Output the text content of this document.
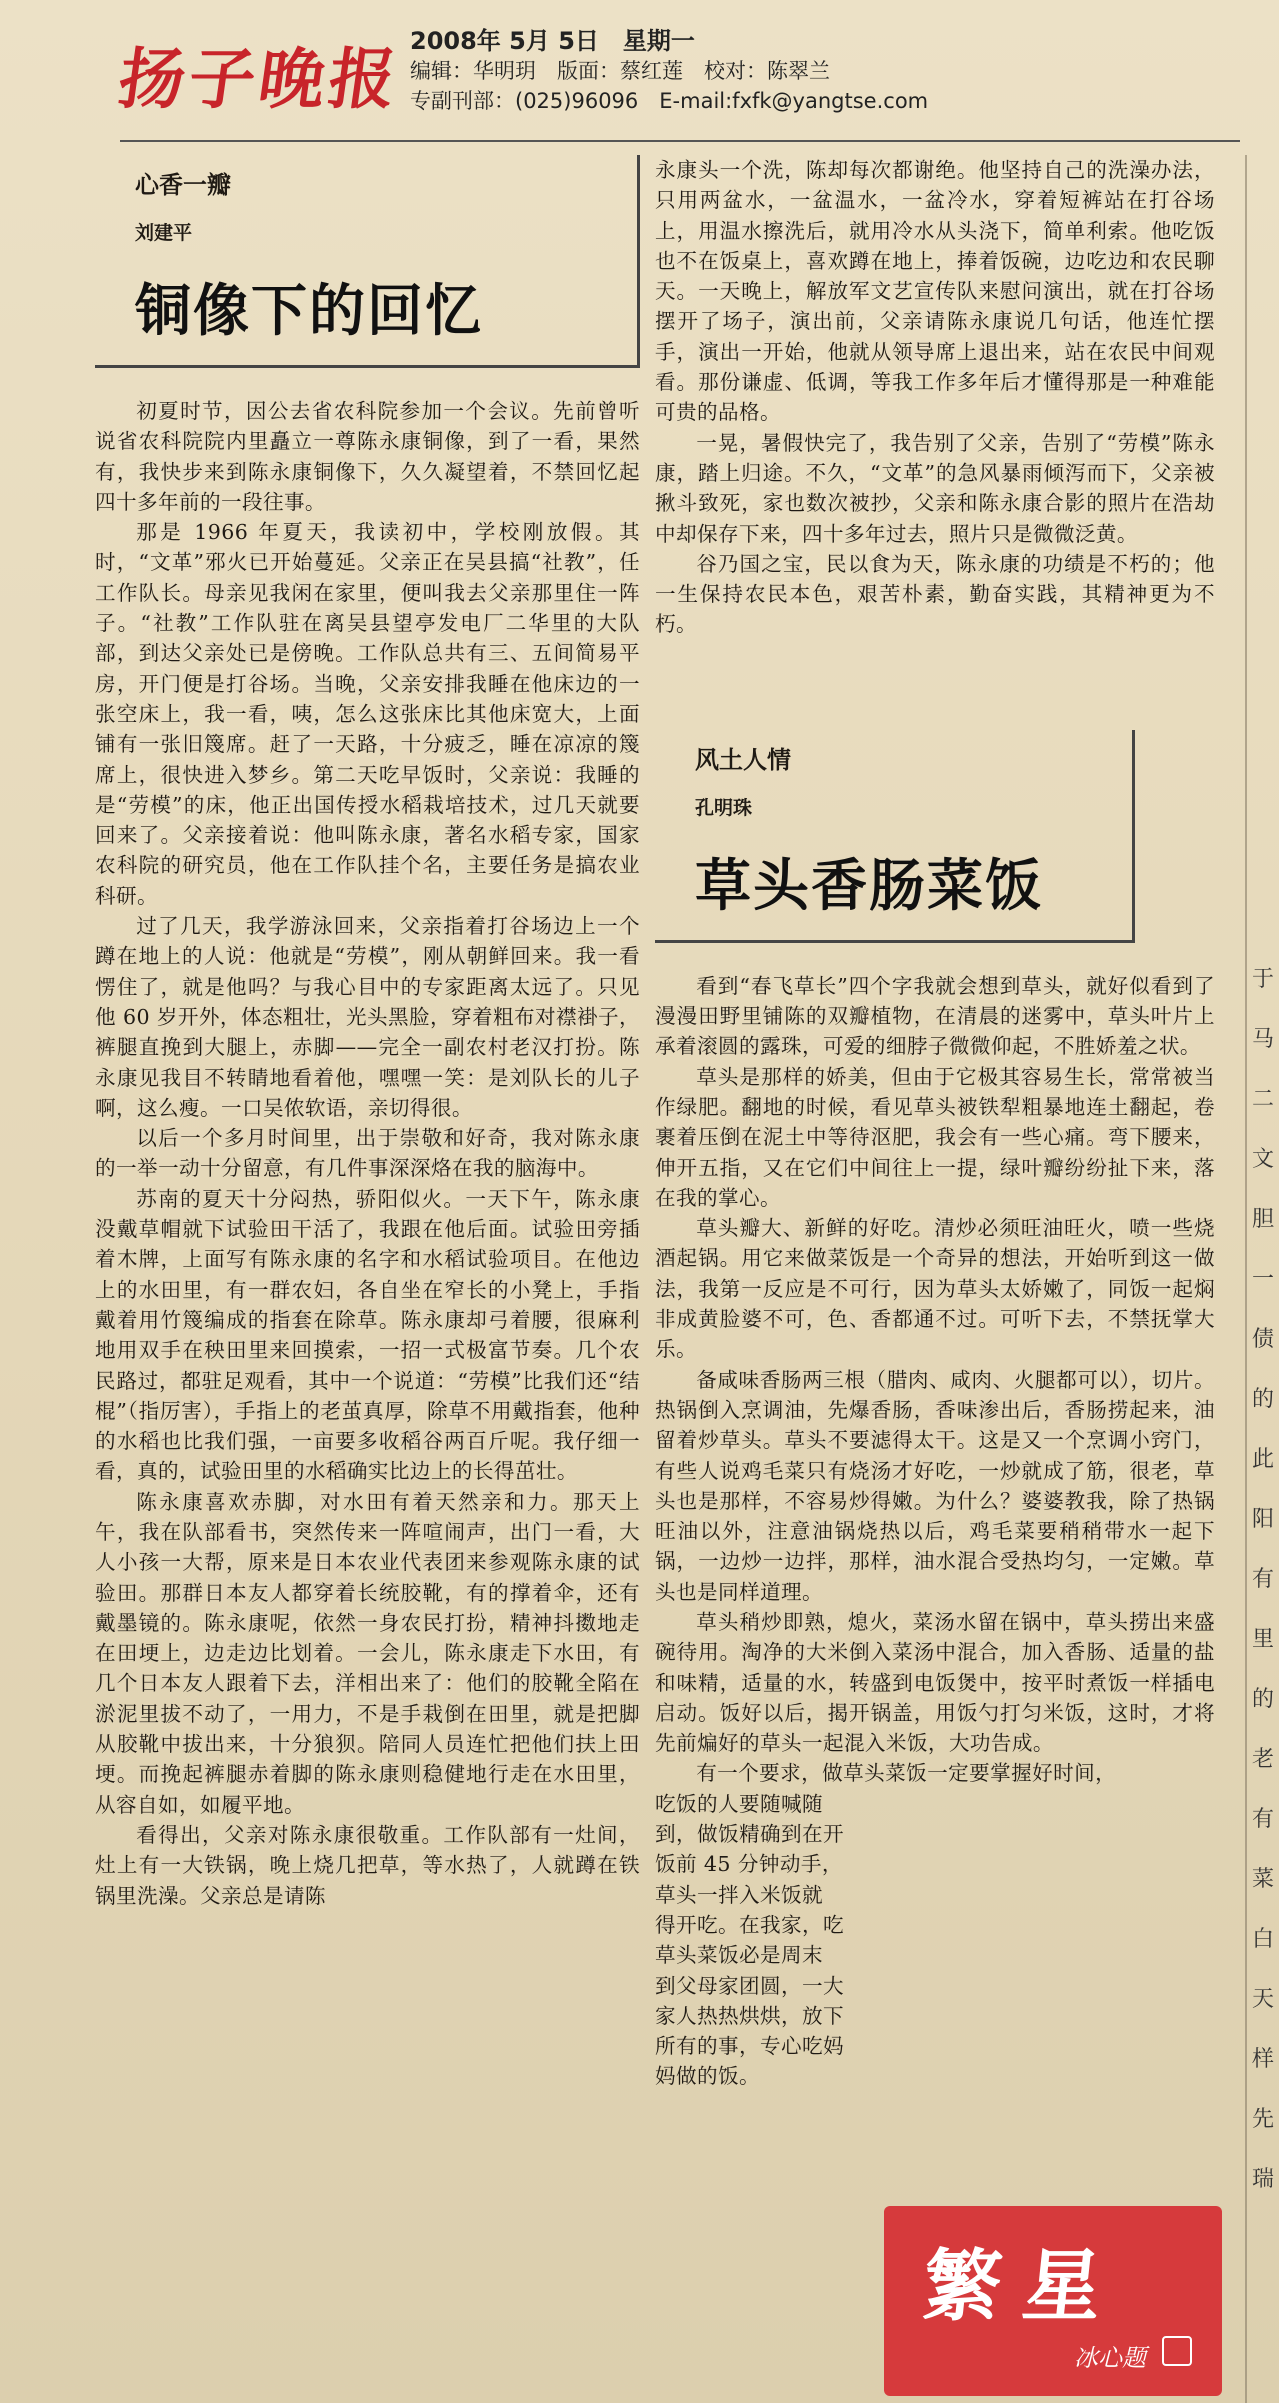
扬子晚报 2008年 5月 5日　星期一
编辑：华明玥　版面：蔡红莲　校对：陈翠兰
专副刊部：(025)96096　E-mail:fxfk@yangtse.com
心香一瓣
刘建平
铜像下的回忆

初夏时节，因公去省农科院参加一个会议。先前曾听说省农科院院内里矗立一尊陈永康铜像，到了一看，果然有，我快步来到陈永康铜像下，久久凝望着，不禁回忆起四十多年前的一段往事。

那是 1966 年夏天，我读初中，学校刚放假。其时，“文革”邪火已开始蔓延。父亲正在吴县搞“社教”，任工作队长。母亲见我闲在家里，便叫我去父亲那里住一阵子。“社教”工作队驻在离吴县望亭发电厂二华里的大队部，到达父亲处已是傍晚。工作队总共有三、五间简易平房，开门便是打谷场。当晚，父亲安排我睡在他床边的一张空床上，我一看，咦，怎么这张床比其他床宽大，上面铺有一张旧篾席。赶了一天路，十分疲乏，睡在凉凉的篾席上，很快进入梦乡。第二天吃早饭时，父亲说：我睡的是“劳模”的床，他正出国传授水稻栽培技术，过几天就要回来了。父亲接着说：他叫陈永康，著名水稻专家，国家农科院的研究员，他在工作队挂个名，主要任务是搞农业科研。

过了几天，我学游泳回来，父亲指着打谷场边上一个蹲在地上的人说：他就是“劳模”，刚从朝鲜回来。我一看愣住了，就是他吗？与我心目中的专家距离太远了。只见他 60 岁开外，体态粗壮，光头黑脸，穿着粗布对襟褂子，裤腿直挽到大腿上，赤脚——完全一副农村老汉打扮。陈永康见我目不转睛地看着他，嘿嘿一笑：是刘队长的儿子啊，这么瘦。一口吴侬软语，亲切得很。

以后一个多月时间里，出于崇敬和好奇，我对陈永康的一举一动十分留意，有几件事深深烙在我的脑海中。

苏南的夏天十分闷热，骄阳似火。一天下午，陈永康没戴草帽就下试验田干活了，我跟在他后面。试验田旁插着木牌，上面写有陈永康的名字和水稻试验项目。在他边上的水田里，有一群农妇，各自坐在窄长的小凳上，手指戴着用竹篾编成的指套在除草。陈永康却弓着腰，很麻利地用双手在秧田里来回摸索，一招一式极富节奏。几个农民路过，都驻足观看，其中一个说道：“劳模”比我们还“结棍”（指厉害），手指上的老茧真厚，除草不用戴指套，他种的水稻也比我们强，一亩要多收稻谷两百斤呢。我仔细一看，真的，试验田里的水稻确实比边上的长得茁壮。

陈永康喜欢赤脚，对水田有着天然亲和力。那天上午，我在队部看书，突然传来一阵喧闹声，出门一看，大人小孩一大帮，原来是日本农业代表团来参观陈永康的试验田。那群日本友人都穿着长统胶靴，有的撑着伞，还有戴墨镜的。陈永康呢，依然一身农民打扮，精神抖擞地走在田埂上，边走边比划着。一会儿，陈永康走下水田，有几个日本友人跟着下去，洋相出来了：他们的胶靴全陷在淤泥里拔不动了，一用力，不是手栽倒在田里，就是把脚从胶靴中拔出来，十分狼狈。陪同人员连忙把他们扶上田埂。而挽起裤腿赤着脚的陈永康则稳健地行走在水田里，从容自如，如履平地。

看得出，父亲对陈永康很敬重。工作队部有一灶间，灶上有一大铁锅，晚上烧几把草，等水热了，人就蹲在铁锅里洗澡。父亲总是请陈

永康头一个洗，陈却每次都谢绝。他坚持自己的洗澡办法，只用两盆水，一盆温水，一盆冷水，穿着短裤站在打谷场上，用温水擦洗后，就用冷水从头浇下，简单利索。他吃饭也不在饭桌上，喜欢蹲在地上，捧着饭碗，边吃边和农民聊天。一天晚上，解放军文艺宣传队来慰问演出，就在打谷场摆开了场子，演出前，父亲请陈永康说几句话，他连忙摆手，演出一开始，他就从领导席上退出来，站在农民中间观看。那份谦虚、低调，等我工作多年后才懂得那是一种难能可贵的品格。

一晃，暑假快完了，我告别了父亲，告别了“劳模”陈永康，踏上归途。不久，“文革”的急风暴雨倾泻而下，父亲被揪斗致死，家也数次被抄，父亲和陈永康合影的照片在浩劫中却保存下来，四十多年过去，照片只是微微泛黄。

谷乃国之宝，民以食为天，陈永康的功绩是不朽的；他一生保持农民本色，艰苦朴素，勤奋实践，其精神更为不朽。

风土人情
孔明珠
草头香肠菜饭

看到“春飞草长”四个字我就会想到草头，就好似看到了漫漫田野里铺陈的双瓣植物，在清晨的迷雾中，草头叶片上承着滚圆的露珠，可爱的细脖子微微仰起，不胜娇羞之状。

草头是那样的娇美，但由于它极其容易生长，常常被当作绿肥。翻地的时候，看见草头被铁犁粗暴地连土翻起，卷裹着压倒在泥土中等待沤肥，我会有一些心痛。弯下腰来，伸开五指，又在它们中间往上一提，绿叶瓣纷纷扯下来，落在我的掌心。

草头瓣大、新鲜的好吃。清炒必须旺油旺火，喷一些烧酒起锅。用它来做菜饭是一个奇异的想法，开始听到这一做法，我第一反应是不可行，因为草头太娇嫩了，同饭一起焖非成黄脸婆不可，色、香都通不过。可听下去，不禁抚掌大乐。

备咸味香肠两三根（腊肉、咸肉、火腿都可以），切片。热锅倒入烹调油，先爆香肠，香味渗出后，香肠捞起来，油留着炒草头。草头不要滤得太干。这是又一个烹调小窍门，有些人说鸡毛菜只有烧汤才好吃，一炒就成了筋，很老，草头也是那样，不容易炒得嫩。为什么？婆婆教我，除了热锅旺油以外，注意油锅烧热以后，鸡毛菜要稍稍带水一起下锅，一边炒一边拌，那样，油水混合受热均匀，一定嫩。草头也是同样道理。

草头稍炒即熟，熄火，菜汤水留在锅中，草头捞出来盛碗待用。淘净的大米倒入菜汤中混合，加入香肠、适量的盐和味精，适量的水，转盛到电饭煲中，按平时煮饭一样插电启动。饭好以后，揭开锅盖，用饭勺打匀米饭，这时，才将先前煸好的草头一起混入米饭，大功告成。

有一个要求，做草头菜饭一定要掌握好时间，

吃饭的人要随喊随
到，做饭精确到在开
饭前 45 分钟动手，
草头一拌入米饭就
得开吃。在我家，吃
草头菜饭必是周末
到父母家团圆，一大
家人热热烘烘，放下
所有的事，专心吃妈
妈做的饭。
于
马
二
文
胆
一
债
的
此
阳
有
里
的
老
有
菜
白
天
样
先
瑞
繁星
冰心题
